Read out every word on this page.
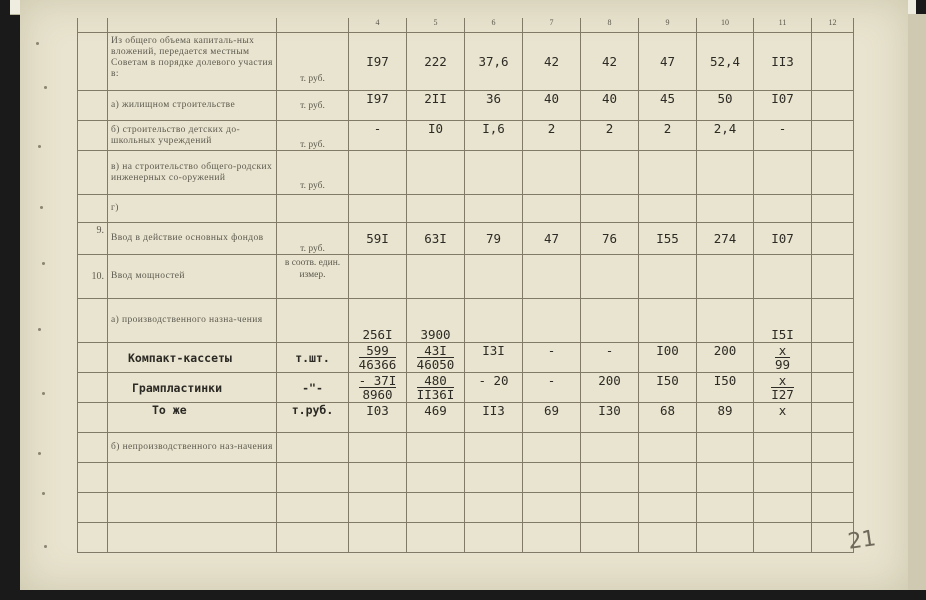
			4	5	6	7	8	9	10	11	12
	Из общего объема капиталь-ных вложений, передается местным Советам в порядке долевого участия в:	т. руб.	I97	222	37,6	42	42	47	52,4	II3	
	а) жилищном строительстве	т. руб.	I97	2II	36	40	40	45	50	I07	
	б) строительство детских до-школьных учреждений	т. руб.	-	I0	I,6	2	2	2	2,4	-	
	в) на строительство общего-родских инженерных со-оружений	т. руб.									
	г)										
9.	Ввод в действие основных фондов	т. руб.	59I	63I	79	47	76	I55	274	I07	
10.	Ввод мощностей	в соотв. един. измер.									
	а) производственного назна-чения		256I	3900						I5I	
	Компакт-кассеты	т.шт.	$\frac{599}{46366}$	$\frac{43I}{46050}$	I3I	-	-	I00	200	$\frac{x}{99}$

	Грампластинки	-"-	$\frac{- 37I}{8960}$	$\frac{480}{II36I}$	- 20	-	200	I50	I50	$\frac{x}{I27}$

	То же	т.руб.	I03	469	II3	69	I30	68	89	x	
	б) непроизводственного наз-начения										

21
